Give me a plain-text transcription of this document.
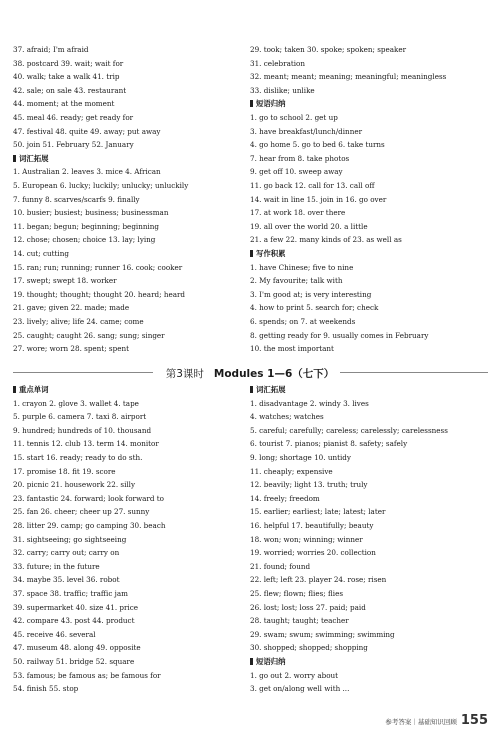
37. afraid; I'm afraid
38. postcard 39. wait; wait for
40. walk; take a walk 41. trip
42. sale; on sale 43. restaurant
44. moment; at the moment
45. meal 46. ready; get ready for
47. festival 48. quite 49. away; put away
50. join 51. February 52. January
词汇拓展
1. Australian 2. leaves 3. mice 4. African
5. European 6. lucky; luckily; unlucky; unluckily
7. funny 8. scarves/scarfs 9. finally
10. busier; busiest; business; businessman
11. began; begun; beginning; beginning
12. chose; chosen; choice 13. lay; lying
14. cut; cutting
15. ran; run; running; runner 16. cook; cooker
17. swept; swept 18. worker
19. thought; thought; thought 20. heard; heard
21. gave; given 22. made; made
23. lively; alive; life 24. came; come
25. caught; caught 26. sang; sung; singer
27. wore; worn 28. spent; spent
29. took; taken 30. spoke; spoken; speaker
31. celebration
32. meant; meant; meaning; meaningful; meaningless
33. dislike; unlike
短语归纳
1. go to school 2. get up
3. have breakfast/lunch/dinner
4. go home 5. go to bed 6. take turns
7. hear from 8. take photos
9. get off 10. sweep away
11. go back 12. call for 13. call off
14. wait in line 15. join in 16. go over
17. at work 18. over there
19. all over the world 20. a little
21. a few 22. many kinds of 23. as well as
写作积累
1. have Chinese; five to nine
2. My favourite; talk with
3. I'm good at; is very interesting
4. how to print 5. search for; check
6. spends; on 7. at weekends
8. getting ready for 9. usually comes in February
10. the most important
第3课时 Modules 1—6（七下）
重点单词
1. crayon 2. glove 3. wallet 4. tape
5. purple 6. camera 7. taxi 8. airport
9. hundred; hundreds of 10. thousand
11. tennis 12. club 13. term 14. monitor
15. start 16. ready; ready to do sth.
17. promise 18. fit 19. score
20. picnic 21. housework 22. silly
23. fantastic 24. forward; look forward to
25. fan 26. cheer; cheer up 27. sunny
28. litter 29. camp; go camping 30. beach
31. sightseeing; go sightseeing
32. carry; carry out; carry on
33. future; in the future
34. maybe 35. level 36. robot
37. space 38. traffic; traffic jam
39. supermarket 40. size 41. price
42. compare 43. post 44. product
45. receive 46. several
47. museum 48. along 49. opposite
50. railway 51. bridge 52. square
53. famous; be famous as; be famous for
54. finish 55. stop
词汇拓展
1. disadvantage 2. windy 3. lives
4. watches; watches
5. careful; carefully; careless; carelessly; carelessness
6. tourist 7. pianos; pianist 8. safety; safely
9. long; shortage 10. untidy
11. cheaply; expensive
12. beavily; light 13. truth; truly
14. freely; freedom
15. earlier; earliest; late; latest; later
16. helpful 17. beautifully; beauty
18. won; won; winning; winner
19. worried; worries 20. collection
21. found; found
22. left; left 23. player 24. rose; risen
25. flew; flown; flies; flies
26. lost; lost; loss 27. paid; paid
28. taught; taught; teacher
29. swam; swum; swimming; swimming
30. shopped; shopped; shopping
短语归纳
1. go out 2. worry about
3. get on/along well with ...
参考答案｜基础知识回顾 155
